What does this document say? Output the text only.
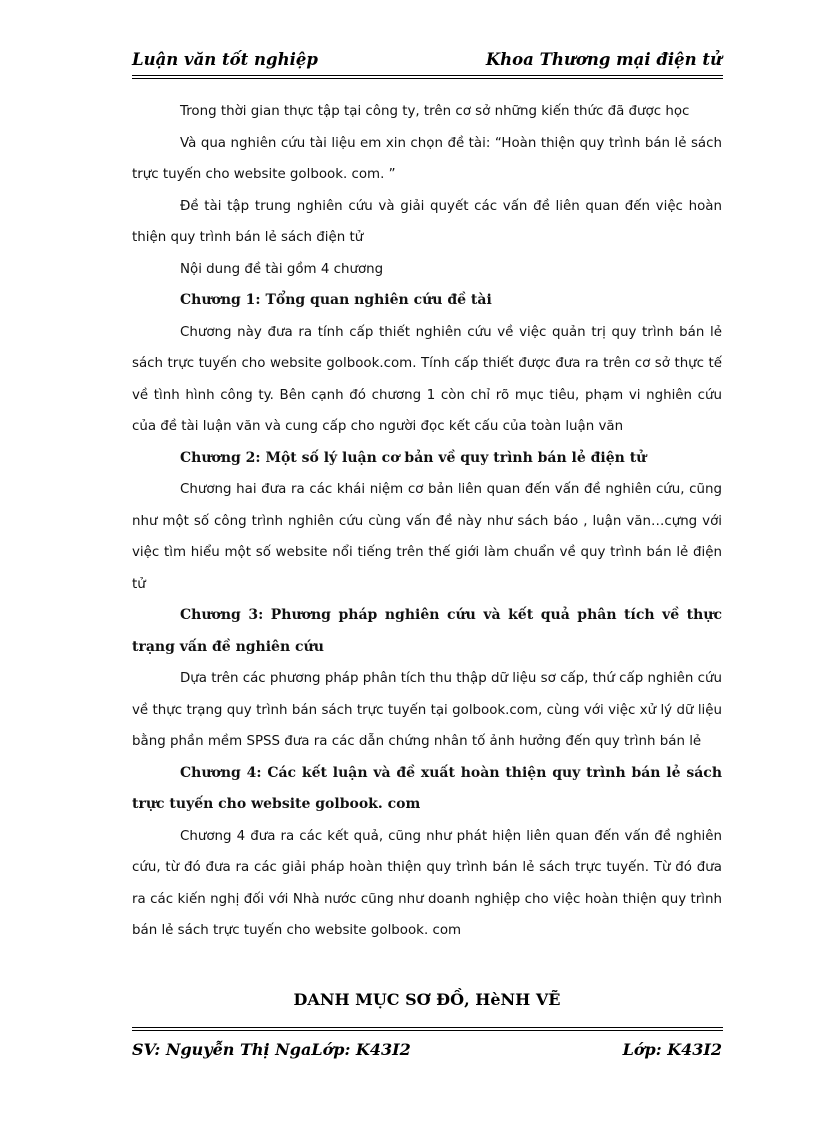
Luận văn tốt nghiệp	Khoa Thương mại điện tử

Trong thời gian thực tập tại công ty, trên cơ sở những kiến thức đã được học

Và qua nghiên cứu tài liệu em xin chọn đề tài: “Hoàn thiện quy trình bán lẻ sách trực tuyến cho website golbook. com. ”

Đề tài tập trung nghiên cứu và giải quyết các vấn đề liên quan đến việc hoàn thiện quy trình bán lẻ sách điện tử

Nội dung đề tài gồm 4 chương

Chương 1: Tổng quan nghiên cứu đề tài

Chương này đưa ra tính cấp thiết nghiên cứu về việc quản trị quy trình bán lẻ sách trực tuyến cho website golbook.com. Tính cấp thiết được đưa ra trên cơ sở thực tế về tình hình công ty. Bên cạnh đó chương 1 còn chỉ rõ mục tiêu, phạm vi nghiên cứu của đề tài luận văn và cung cấp cho người đọc kết cấu của toàn luận văn

Chương 2: Một số lý luận cơ bản về quy trình bán lẻ điện tử

Chương hai đưa ra các khái niệm cơ bản liên quan đến vấn đề nghiên cứu, cũng như một số công trình nghiên cứu cùng vấn đề này như sách báo , luận văn…cựng với việc tìm hiểu một số website nổi tiếng trên thế giới làm chuẩn về quy trình bán lẻ điện tử

Chương 3: Phương pháp nghiên cứu và kết quả phân tích về thực trạng vấn đề nghiên cứu

Dựa trên các phương pháp phân tích thu thập dữ liệu sơ cấp, thứ cấp nghiên cứu về thực trạng quy trình bán sách trực tuyến tại golbook.com, cùng với việc xử lý dữ liệu bằng phần mềm SPSS đưa ra các dẫn chứng nhân tố ảnh hưởng đến quy trình bán lẻ

Chương 4: Các kết luận và đề xuất hoàn thiện quy trình bán lẻ sách trực tuyến cho website golbook. com

Chương 4 đưa ra các kết quả, cũng như phát hiện liên quan đến vấn đề nghiên cứu, từ đó đưa ra các giải pháp hoàn thiện quy trình bán lẻ sách trực tuyến. Từ đó đưa ra các kiến nghị đối với Nhà nước cũng như doanh nghiệp cho việc hoàn thiện quy trình bán lẻ sách trực tuyến cho website golbook. com

DANH MỤC SƠ ĐỒ, HèNH VẼ
SV: Nguyễn Thị NgaLớp: K43I2	Lớp: K43I2
